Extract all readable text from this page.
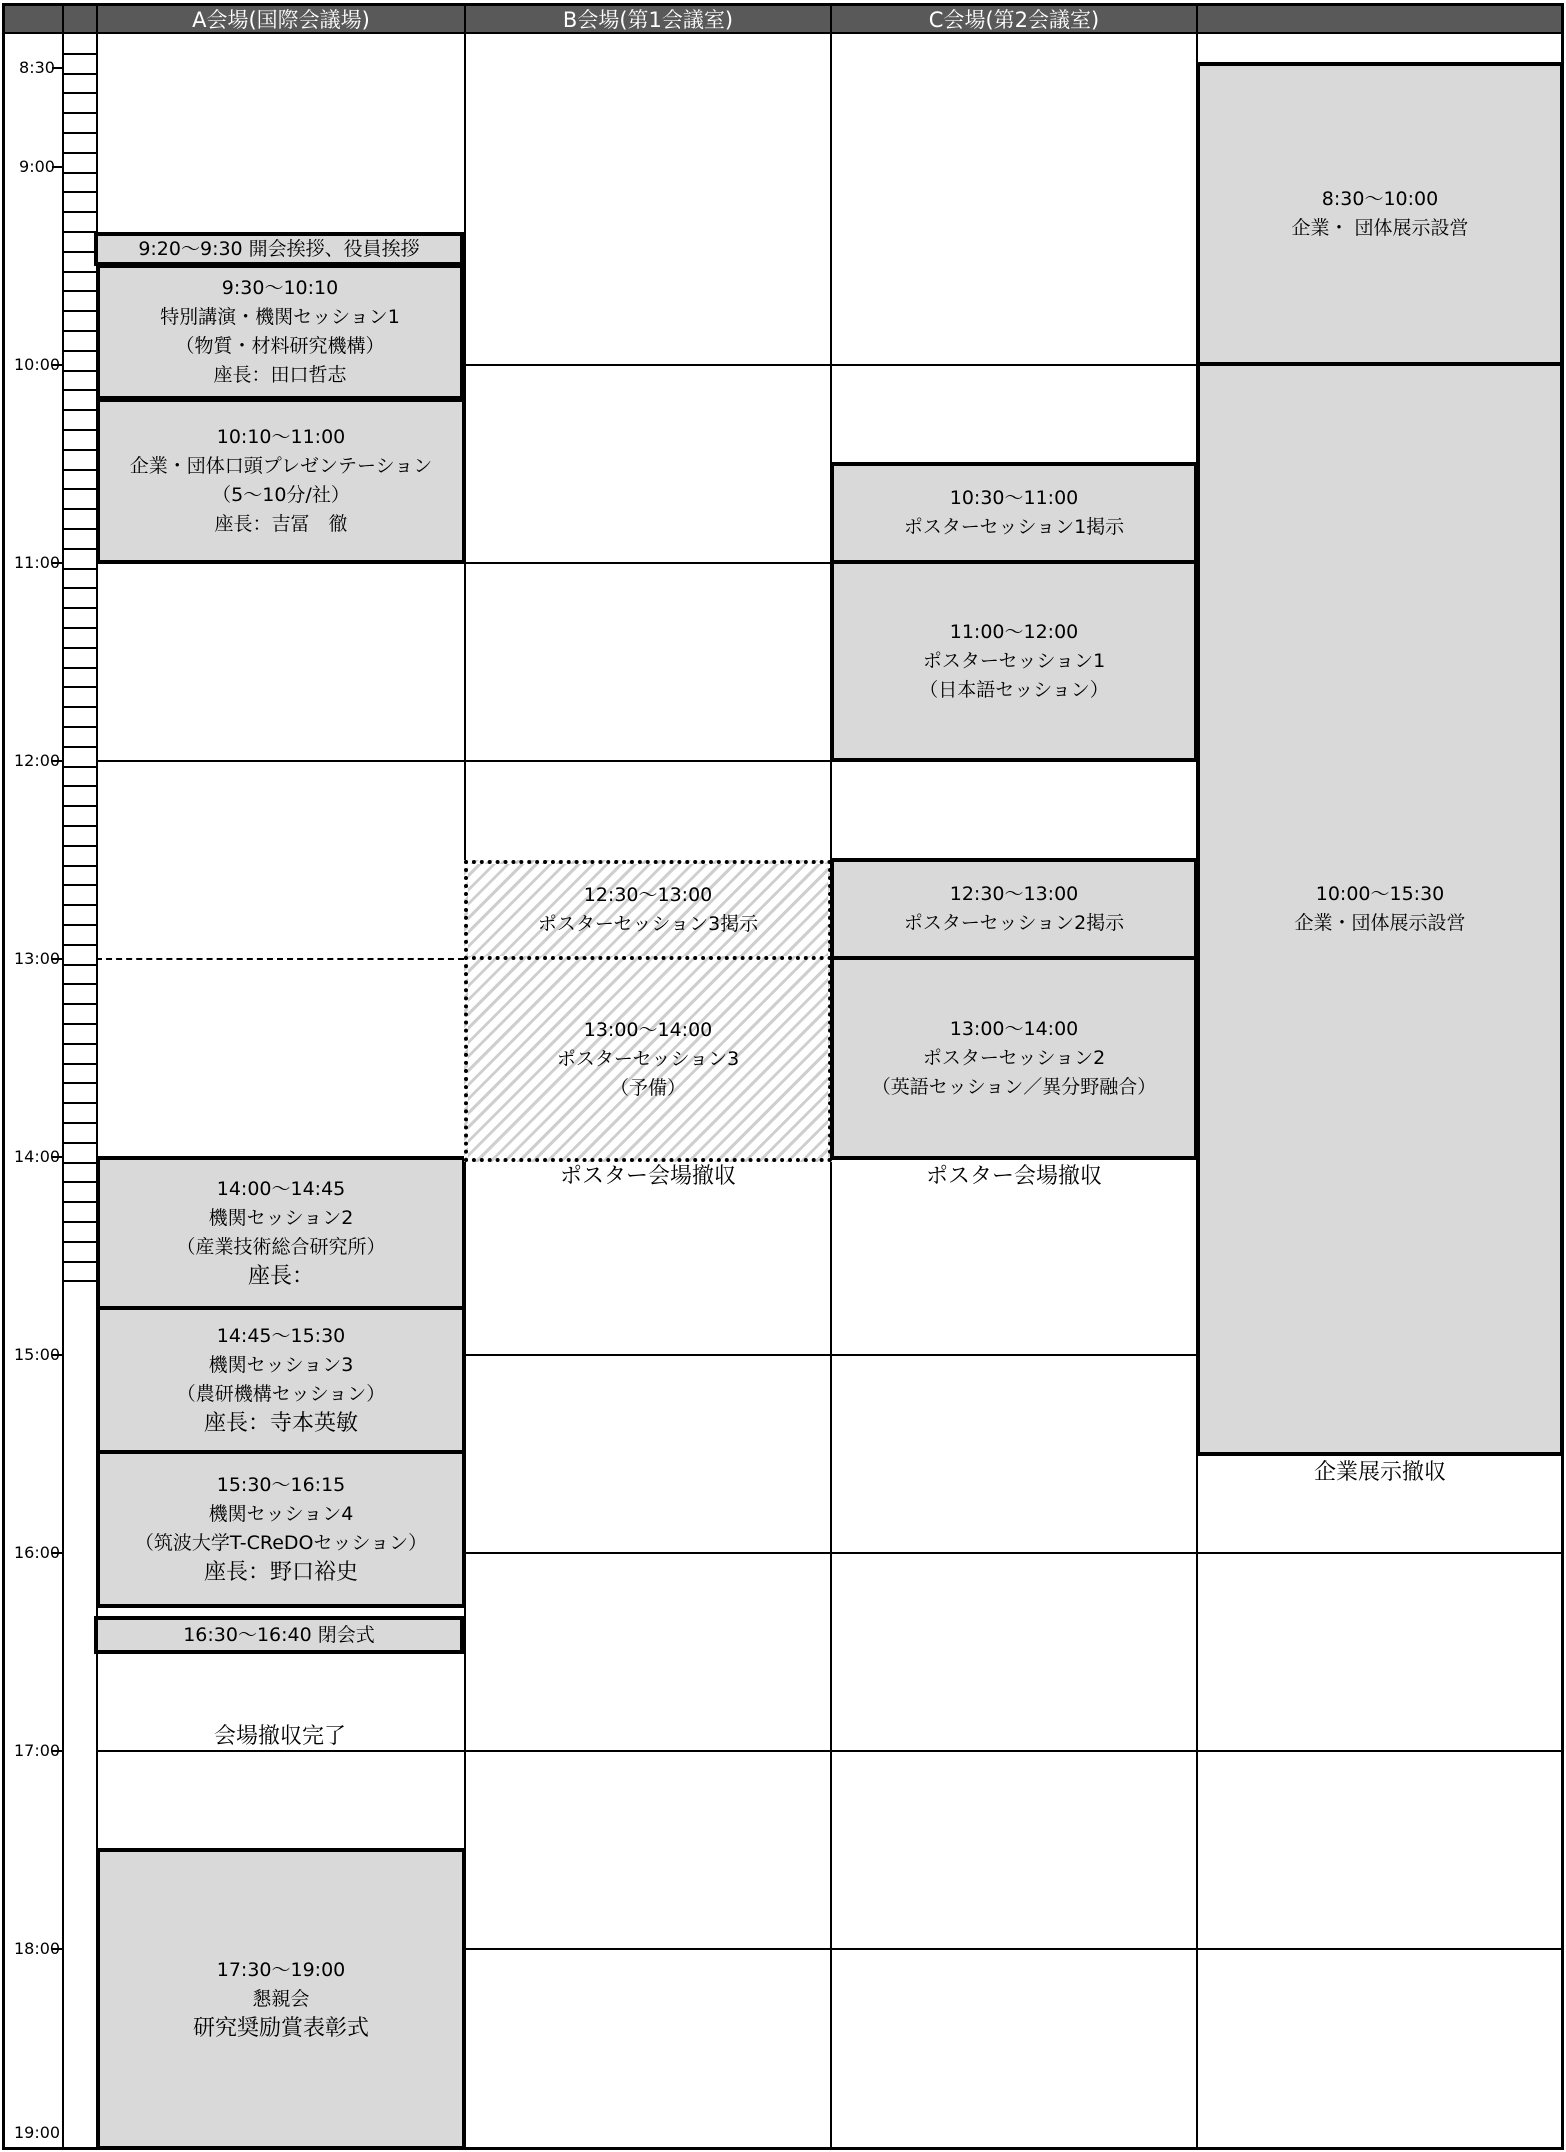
A会場(国際会議場)	B会場(第1会議室)	C会場(第2会議室)
8:30
9:00
10:00
11:00
12:00
13:00
14:00
15:00
16:00
17:00
18:00
19:00
9:20～9:30 開会挨拶、役員挨拶
9:30～10:10
特別講演・機関セッション1
（物質・材料研究機構）
座長：田口哲志
10:10～11:00
企業・団体口頭プレゼンテーション
（5～10分/社）
座長：吉冨　徹
14:00～14:45
機関セッション2
（産業技術総合研究所）
座長：
14:45～15:30
機関セッション3
（農研機構セッション）
座長：寺本英敏
15:30～16:15
機関セッション4
（筑波大学T-CReDOセッション）
座長：野口裕史
16:30～16:40 閉会式
会場撤収完了
17:30～19:00
懇親会
研究奨励賞表彰式
12:30～13:00
ポスターセッション3掲示
13:00～14:00
ポスターセッション3
（予備）
ポスター会場撤収
10:30～11:00
ポスターセッション1掲示
11:00～12:00
ポスターセッション1
（日本語セッション）
12:30～13:00
ポスターセッション2掲示
13:00～14:00
ポスターセッション2
（英語セッション／異分野融合）
ポスター会場撤収
8:30～10:00
企業・ 団体展示設営
10:00～15:30
企業・団体展示設営
企業展示撤収
